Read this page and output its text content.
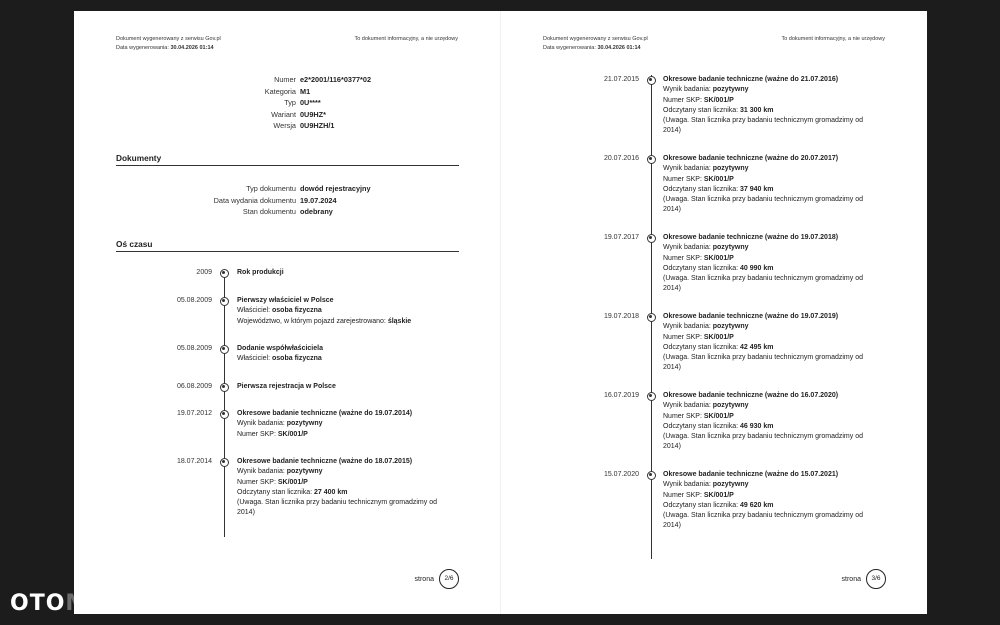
Dokument wygenerowany z serwisu Gov.pl
Data wygenerowania: 30.04.2026 01:14
To dokument informacyjny, a nie urzędowy
Numer e2*2001/116*0377*02
Kategoria M1
Typ 0U****
Wariant 0U9HZ*
Wersja 0U9HZH/1
Dokumenty
Typ dokumentu dowód rejestracyjny
Data wydania dokumentu 19.07.2024
Stan dokumentu odebrany
Oś czasu
2009	Rok produkcji
05.08.2009	Pierwszy właściciel w Polsce
Właściciel: osoba fizyczna
Województwo, w którym pojazd zarejestrowano: śląskie
05.08.2009	Dodanie współwłaściciela
Właściciel: osoba fizyczna
06.08.2009	Pierwsza rejestracja w Polsce
19.07.2012	Okresowe badanie techniczne (ważne do 19.07.2014)
Wynik badania: pozytywny
Numer SKP: SK/001/P
18.07.2014	Okresowe badanie techniczne (ważne do 18.07.2015)
Wynik badania: pozytywny
Numer SKP: SK/001/P
Odczytany stan licznika: 27 400 km
(Uwaga. Stan licznika przy badaniu technicznym gromadzimy od 2014)
strona	2/6
Dokument wygenerowany z serwisu Gov.pl
Data wygenerowania: 30.04.2026 01:14
To dokument informacyjny, a nie urzędowy
21.07.2015	Okresowe badanie techniczne (ważne do 21.07.2016)
Wynik badania: pozytywny
Numer SKP: SK/001/P
Odczytany stan licznika: 31 300 km
(Uwaga. Stan licznika przy badaniu technicznym gromadzimy od 2014)
20.07.2016	Okresowe badanie techniczne (ważne do 20.07.2017)
Wynik badania: pozytywny
Numer SKP: SK/001/P
Odczytany stan licznika: 37 940 km
(Uwaga. Stan licznika przy badaniu technicznym gromadzimy od 2014)
19.07.2017	Okresowe badanie techniczne (ważne do 19.07.2018)
Wynik badania: pozytywny
Numer SKP: SK/001/P
Odczytany stan licznika: 40 990 km
(Uwaga. Stan licznika przy badaniu technicznym gromadzimy od 2014)
19.07.2018	Okresowe badanie techniczne (ważne do 19.07.2019)
Wynik badania: pozytywny
Numer SKP: SK/001/P
Odczytany stan licznika: 42 495 km
(Uwaga. Stan licznika przy badaniu technicznym gromadzimy od 2014)
16.07.2019	Okresowe badanie techniczne (ważne do 16.07.2020)
Wynik badania: pozytywny
Numer SKP: SK/001/P
Odczytany stan licznika: 46 930 km
(Uwaga. Stan licznika przy badaniu technicznym gromadzimy od 2014)
15.07.2020	Okresowe badanie techniczne (ważne do 15.07.2021)
Wynik badania: pozytywny
Numer SKP: SK/001/P
Odczytany stan licznika: 49 620 km
(Uwaga. Stan licznika przy badaniu technicznym gromadzimy od 2014)
strona	3/6
OTOMoto
